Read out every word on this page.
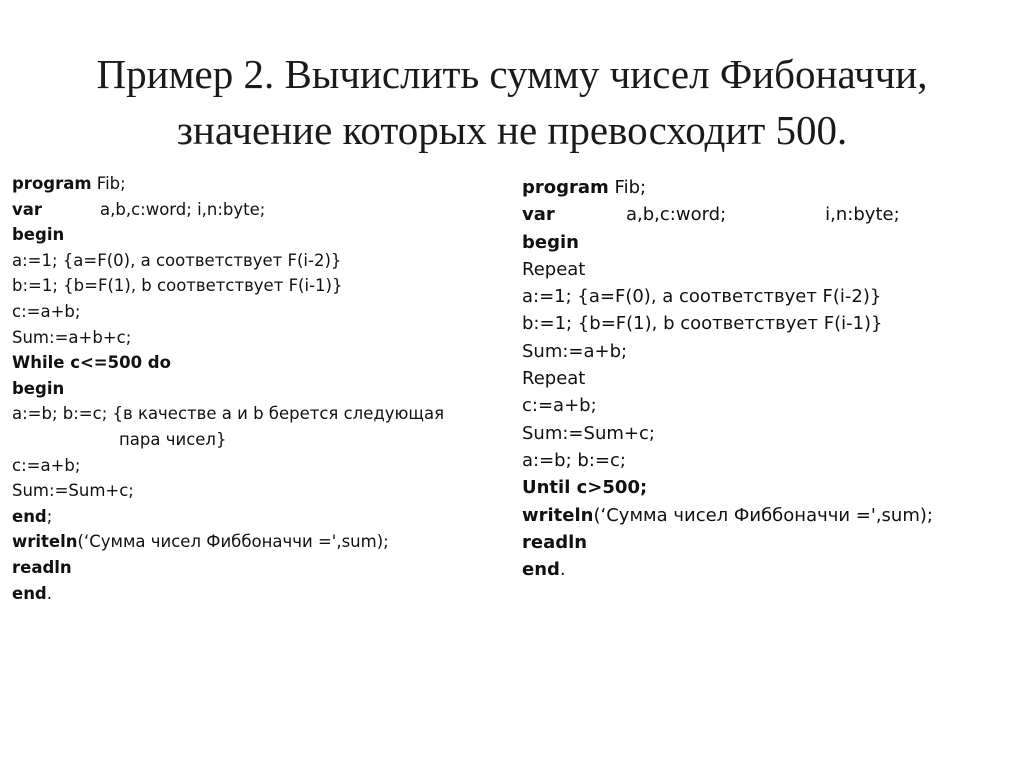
Пример 2. Вычислить сумму чисел Фибоначчи,
значение которых не превосходит 500.
program Fib;
var	a,b,c:word; i,n:byte;
begin
a:=1; {a=F(0), a соответствует F(i-2)}
b:=1; {b=F(1), b соответствует F(i-1)}
c:=a+b;
Sum:=a+b+c;
While c<=500 do
begin
a:=b; b:=c; {в качестве a и b берется следующая
пара чисел}
c:=a+b;
Sum:=Sum+c;
end;
writeln(‘Сумма чисел Фиббоначчи =',sum);
readln
end.
program Fib;
var	a,b,c:word;	i,n:byte;
begin
Repeat
a:=1; {a=F(0), a соответствует F(i-2)}
b:=1; {b=F(1), b соответствует F(i-1)}
Sum:=a+b;
Repeat
c:=a+b;
Sum:=Sum+c;
a:=b; b:=c;
Until c>500;
writeln(‘Сумма чисел Фиббоначчи =',sum);
readln
end.
